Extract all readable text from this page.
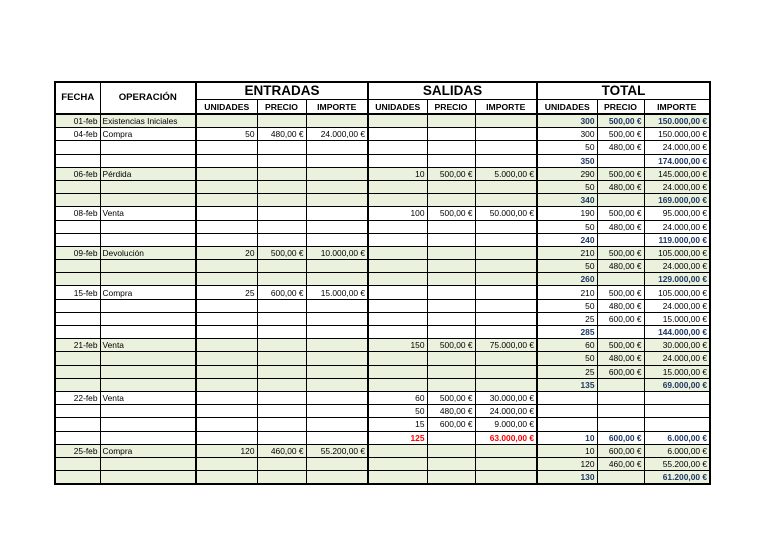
FECHA	OPERACIÓN	ENTRADAS			SALIDAS			TOTAL		
		UNIDADES	PRECIO	IMPORTE	UNIDADES	PRECIO	IMPORTE	UNIDADES	PRECIO	IMPORTE
01-feb	Existencias Iniciales							300	500,00 €	150.000,00 €
04-feb	Compra	50	480,00 €	24.000,00 €				300	500,00 €	150.000,00 €
								50	480,00 €	24.000,00 €
								350		174.000,00 €
06-feb	Pérdida				10	500,00 €	5.000,00 €	290	500,00 €	145.000,00 €
								50	480,00 €	24.000,00 €
								340		169.000,00 €
08-feb	Venta				100	500,00 €	50.000,00 €	190	500,00 €	95.000,00 €
								50	480,00 €	24.000,00 €
								240		119.000,00 €
09-feb	Devolución	20	500,00 €	10.000,00 €				210	500,00 €	105.000,00 €
								50	480,00 €	24.000,00 €
								260		129.000,00 €
15-feb	Compra	25	600,00 €	15.000,00 €				210	500,00 €	105.000,00 €
								50	480,00 €	24.000,00 €
								25	600,00 €	15.000,00 €
								285		144.000,00 €
21-feb	Venta				150	500,00 €	75.000,00 €	60	500,00 €	30.000,00 €
								50	480,00 €	24.000,00 €
								25	600,00 €	15.000,00 €
								135		69.000,00 €
22-feb	Venta				60	500,00 €	30.000,00 €			
					50	480,00 €	24.000,00 €			
					15	600,00 €	9.000,00 €			
					125		63.000,00 €	10	600,00 €	6.000,00 €
25-feb	Compra	120	460,00 €	55.200,00 €				10	600,00 €	6.000,00 €
								120	460,00 €	55.200,00 €
								130		61.200,00 €
